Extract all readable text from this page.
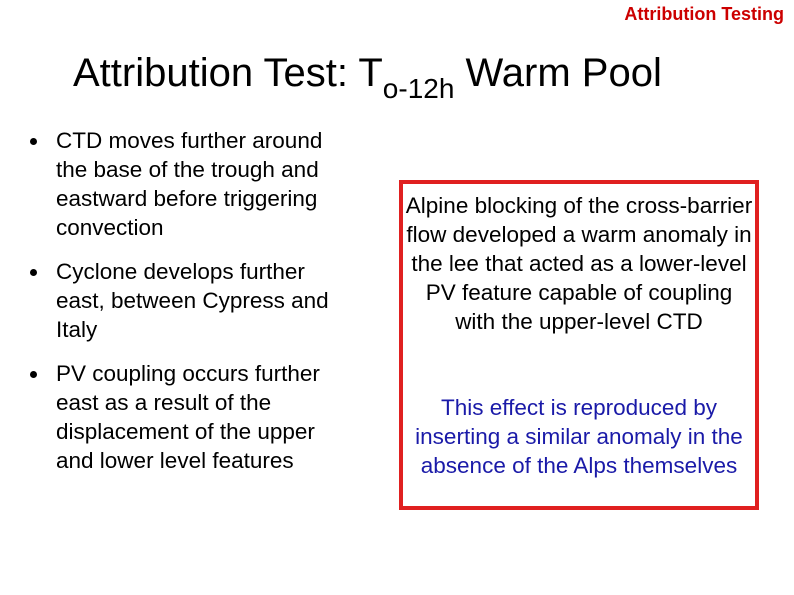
Attribution Testing
Attribution Test: $T_{o-12h}$ Warm Pool
CTD moves further around the base of the trough and eastward before triggering convection
Cyclone develops further east, between Cypress and Italy
PV coupling occurs further east as a result of the displacement of the upper and lower level features
Alpine blocking of the cross-barrier flow developed a warm anomaly in the lee that acted as a lower-level PV feature capable of coupling with the upper-level CTD
This effect is reproduced by inserting a similar anomaly in the absence of the Alps themselves
